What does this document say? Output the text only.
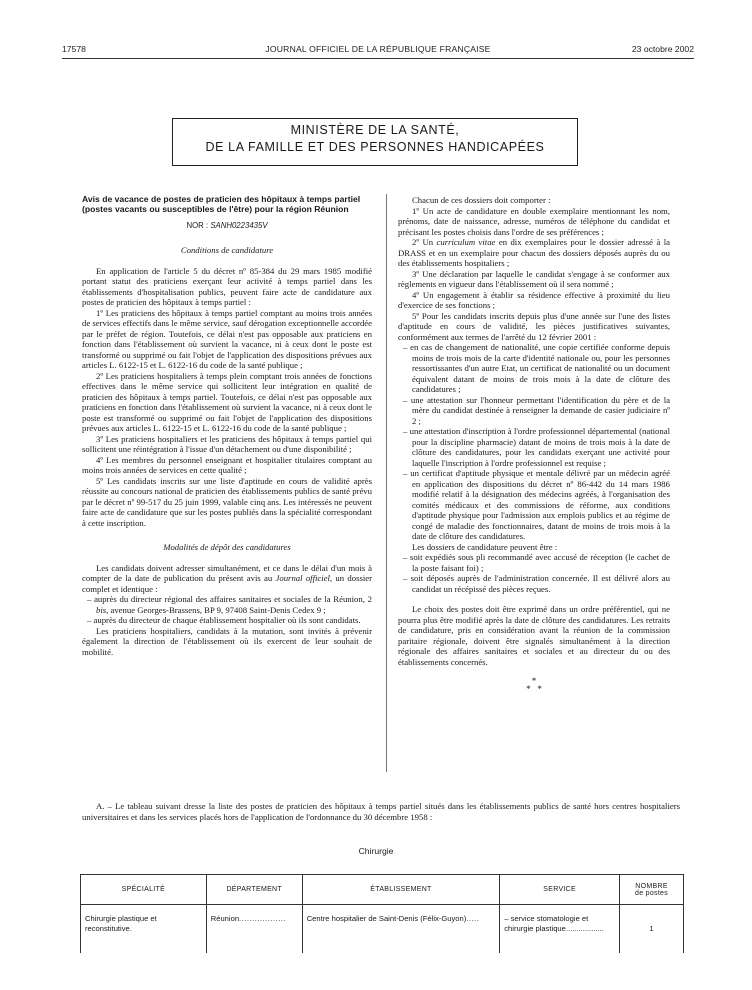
17578	JOURNAL OFFICIEL DE LA RÉPUBLIQUE FRANÇAISE	23 octobre 2002
MINISTÈRE DE LA SANTÉ,
DE LA FAMILLE ET DES PERSONNES HANDICAPÉES
Avis de vacance de postes de praticien des hôpitaux à temps partiel (postes vacants ou susceptibles de l'être) pour la région Réunion
NOR : SANH0223435V
Conditions de candidature
En application de l'article 5 du décret nº 85-384 du 29 mars 1985 modifié portant statut des praticiens exerçant leur activité à temps partiel dans les établissements d'hospitalisation publics, peuvent faire acte de candidature aux postes de praticien des hôpitaux à temps partiel :
1º Les praticiens des hôpitaux à temps partiel comptant au moins trois années de services effectifs dans le même service, sauf dérogation exceptionnelle accordée par le préfet de région. Toutefois, ce délai n'est pas opposable aux praticiens en fonction dans l'établissement où survient la vacance, ni à ceux dont le poste est transformé ou supprimé ou fait l'objet de l'application des dispositions prévues aux articles L. 6122-15 et L. 6122-16 du code de la santé publique ;
2º Les praticiens hospitaliers à temps plein comptant trois années de fonctions effectives dans le même service qui sollicitent leur intégration en qualité de praticien des hôpitaux à temps partiel. Toutefois, ce délai n'est pas opposable aux praticiens en fonction dans l'établissement où survient la vacance, ni à ceux dont le poste est transformé ou supprimé ou fait l'objet de l'application des dispositions prévues aux articles L. 6122-15 et L. 6122-16 du code de la santé publique ;
3º Les praticiens hospitaliers et les praticiens des hôpitaux à temps partiel qui sollicitent une réintégration à l'issue d'un détachement ou d'une disponibilité ;
4º Les membres du personnel enseignant et hospitalier titulaires comptant au moins trois années de services en cette qualité ;
5º Les candidats inscrits sur une liste d'aptitude en cours de validité après réussite au concours national de praticien des établissements publics de santé prévu par le décret nº 99-517 du 25 juin 1999, valable cinq ans. Les intéressés ne peuvent faire acte de candidature que sur les postes publiés dans la spécialité correspondant à cette inscription.
Modalités de dépôt des candidatures
Les candidats doivent adresser simultanément, et ce dans le délai d'un mois à compter de la date de publication du présent avis au Journal officiel, un dossier complet et identique :
– auprès du directeur régional des affaires sanitaires et sociales de la Réunion, 2 bis, avenue Georges-Brassens, BP 9, 97408 Saint-Denis Cedex 9 ;
– auprès du directeur de chaque établissement hospitalier où ils sont candidats.
Les praticiens hospitaliers, candidats à la mutation, sont invités à prévenir également la direction de l'établissement où ils exercent de leur souhait de mobilité.
Chacun de ces dossiers doit comporter :
1º Un acte de candidature en double exemplaire mentionnant les nom, prénoms, date de naissance, adresse, numéros de téléphone du candidat et précisant les postes choisis dans l'ordre de ses préférences ;
2º Un curriculum vitae en dix exemplaires pour le dossier adressé à la DRASS et en un exemplaire pour chacun des dossiers déposés auprès du ou des établissements hospitaliers ;
3º Une déclaration par laquelle le candidat s'engage à se conformer aux règlements en vigueur dans l'établissement où il sera nommé ;
4º Un engagement à établir sa résidence effective à proximité du lieu d'exercice de ses fonctions ;
5º Pour les candidats inscrits depuis plus d'une année sur l'une des listes d'aptitude en cours de validité, les pièces justificatives suivantes, conformément aux termes de l'arrêté du 12 février 2001 :
– en cas de changement de nationalité, une copie certifiée conforme depuis moins de trois mois de la carte d'identité nationale ou, pour les personnes ressortissantes d'un autre Etat, un certificat de nationalité ou un document équivalent datant de moins de trois mois à la date de clôture des candidatures ;
– une attestation sur l'honneur permettant l'identification du père et de la mère du candidat destinée à renseigner la demande de casier judiciaire nº 2 ;
– une attestation d'inscription à l'ordre professionnel départemental (national pour la discipline pharmacie) datant de moins de trois mois à la date de clôture des candidatures, pour les candidats exerçant une activité pour laquelle l'inscription à l'ordre professionnel est requise ;
– un certificat d'aptitude physique et mentale délivré par un médecin agréé en application des dispositions du décret nº 86-442 du 14 mars 1986 modifié relatif à la désignation des médecins agréés, à l'organisation des comités médicaux et des commissions de réforme, aux conditions d'aptitude physique pour l'admission aux emplois publics et au régime de congé de maladie des fonctionnaires, datant de moins de trois mois à la date de clôture des candidatures.
Les dossiers de candidature peuvent être :
– soit expédiés sous pli recommandé avec accusé de réception (le cachet de la poste faisant foi) ;
– soit déposés auprès de l'administration concernée. Il est délivré alors au candidat un récépissé des pièces reçues.
Le choix des postes doit être exprimé dans un ordre préférentiel, qui ne pourra plus être modifié après la date de clôture des candidatures. Les retraits de candidature, pris en considération avant la réunion de la commission paritaire régionale, doivent être signalés simultanément à la direction régionale des affaires sanitaires et sociales et au directeur du ou des établissements concernés.
*
*   *
A. – Le tableau suivant dresse la liste des postes de praticien des hôpitaux à temps partiel situés dans les établissements publics de santé hors centres hospitaliers universitaires et dans les services placés hors de l'application de l'ordonnance du 30 décembre 1958 :
Chirurgie
SPÉCIALITÉ	DÉPARTEMENT	ÉTABLISSEMENT	SERVICE	NOMBRE
de postes

Chirurgie plastique et reconstitutive.	Réunion..................	Centre hospitalier de Saint-Denis (Félix-Guyon).....	– service stomatologie et
chirurgie plastique..................	1
